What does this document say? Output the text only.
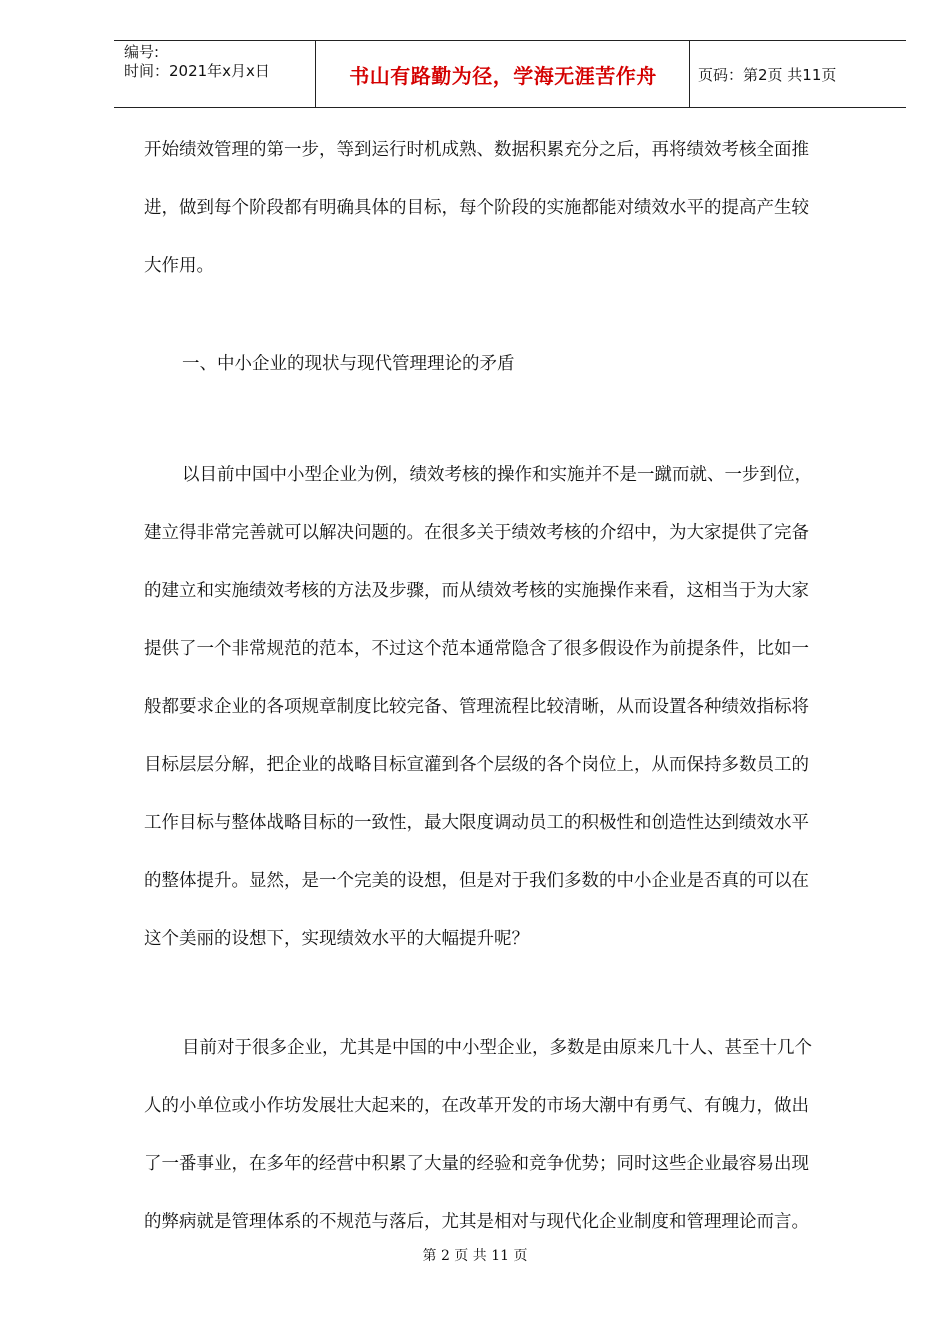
编号:
时间：2021年x月x日	书山有路勤为径，学海无涯苦作舟	页码：第2页 共11页
开始绩效管理的第一步，等到运行时机成熟、数据积累充分之后，再将绩效考核全面推
进，做到每个阶段都有明确具体的目标，每个阶段的实施都能对绩效水平的提高产生较
大作用。
一、中小企业的现状与现代管理理论的矛盾
以目前中国中小型企业为例，绩效考核的操作和实施并不是一蹴而就、一步到位，
建立得非常完善就可以解决问题的。在很多关于绩效考核的介绍中，为大家提供了完备
的建立和实施绩效考核的方法及步骤，而从绩效考核的实施操作来看，这相当于为大家
提供了一个非常规范的范本，不过这个范本通常隐含了很多假设作为前提条件，比如一
般都要求企业的各项规章制度比较完备、管理流程比较清晰，从而设置各种绩效指标将
目标层层分解，把企业的战略目标宣灌到各个层级的各个岗位上，从而保持多数员工的
工作目标与整体战略目标的一致性，最大限度调动员工的积极性和创造性达到绩效水平
的整体提升。显然，是一个完美的设想，但是对于我们多数的中小企业是否真的可以在
这个美丽的设想下，实现绩效水平的大幅提升呢？
目前对于很多企业，尤其是中国的中小型企业，多数是由原来几十人、甚至十几个
人的小单位或小作坊发展壮大起来的，在改革开发的市场大潮中有勇气、有魄力，做出
了一番事业，在多年的经营中积累了大量的经验和竞争优势；同时这些企业最容易出现
的弊病就是管理体系的不规范与落后，尤其是相对与现代化企业制度和管理理论而言。
第 2 页 共 11 页
